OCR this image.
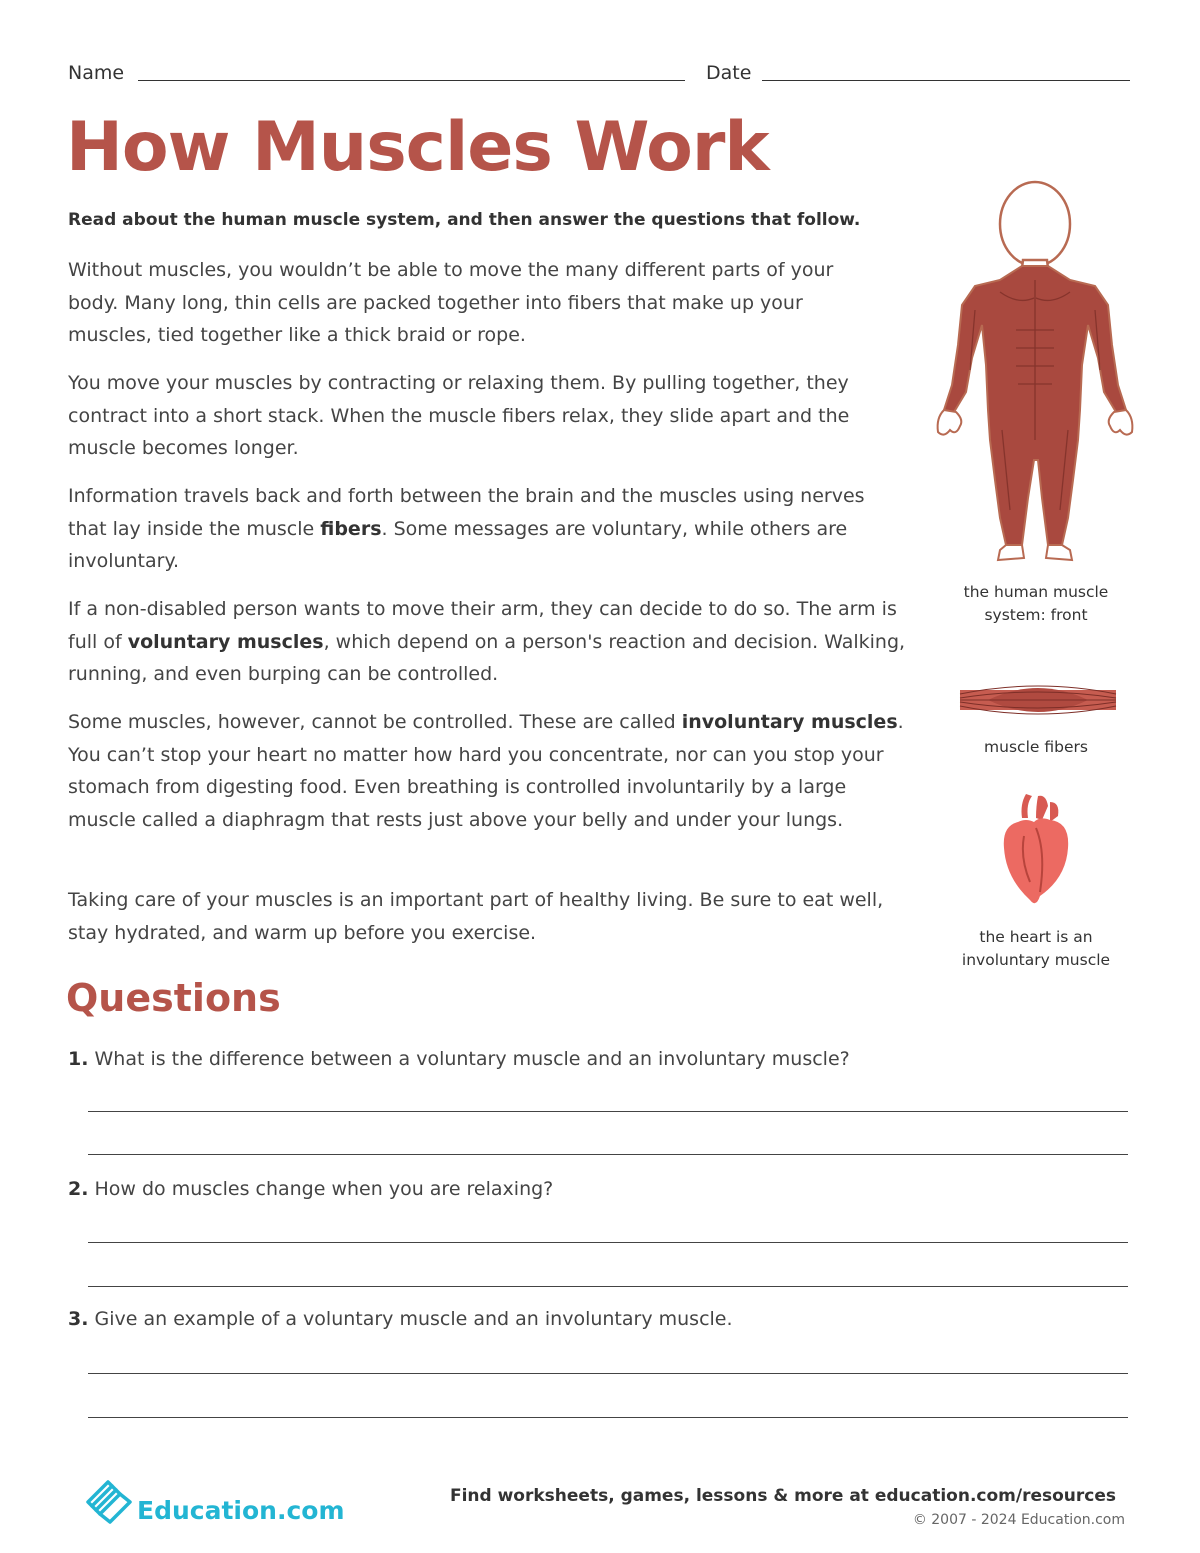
Name	Date
How Muscles Work
Read about the human muscle system, and then answer the questions that follow.
Without muscles, you wouldn’t be able to move the many different parts of your body. Many long, thin cells are packed together into fibers that make up your muscles, tied together like a thick braid or rope.
You move your muscles by contracting or relaxing them. By pulling together, they contract into a short stack. When the muscle fibers relax, they slide apart and the muscle becomes longer.
Information travels back and forth between the brain and the muscles using nerves that lay inside the muscle fibers. Some messages are voluntary, while others are involuntary.
If a non-disabled person wants to move their arm, they can decide to do so. The arm is full of voluntary muscles, which depend on a person's reaction and decision. Walking, running, and even burping can be controlled.
Some muscles, however, cannot be controlled. These are called involuntary muscles. You can’t stop your heart no matter how hard you concentrate, nor can you stop your stomach from digesting food. Even breathing is controlled involuntarily by a large muscle called a diaphragm that rests just above your belly and under your lungs.
Taking care of your muscles is an important part of healthy living. Be sure to eat well, stay hydrated, and warm up before you exercise.
the human muscle
system: front
muscle fibers
the heart is an
involuntary muscle
Questions
1. What is the difference between a voluntary muscle and an involuntary muscle?
2. How do muscles change when you are relaxing?
3. Give an example of a voluntary muscle and an involuntary muscle.
Education.com	Find worksheets, games, lessons & more at education.com/resources
© 2007 - 2024 Education.com
